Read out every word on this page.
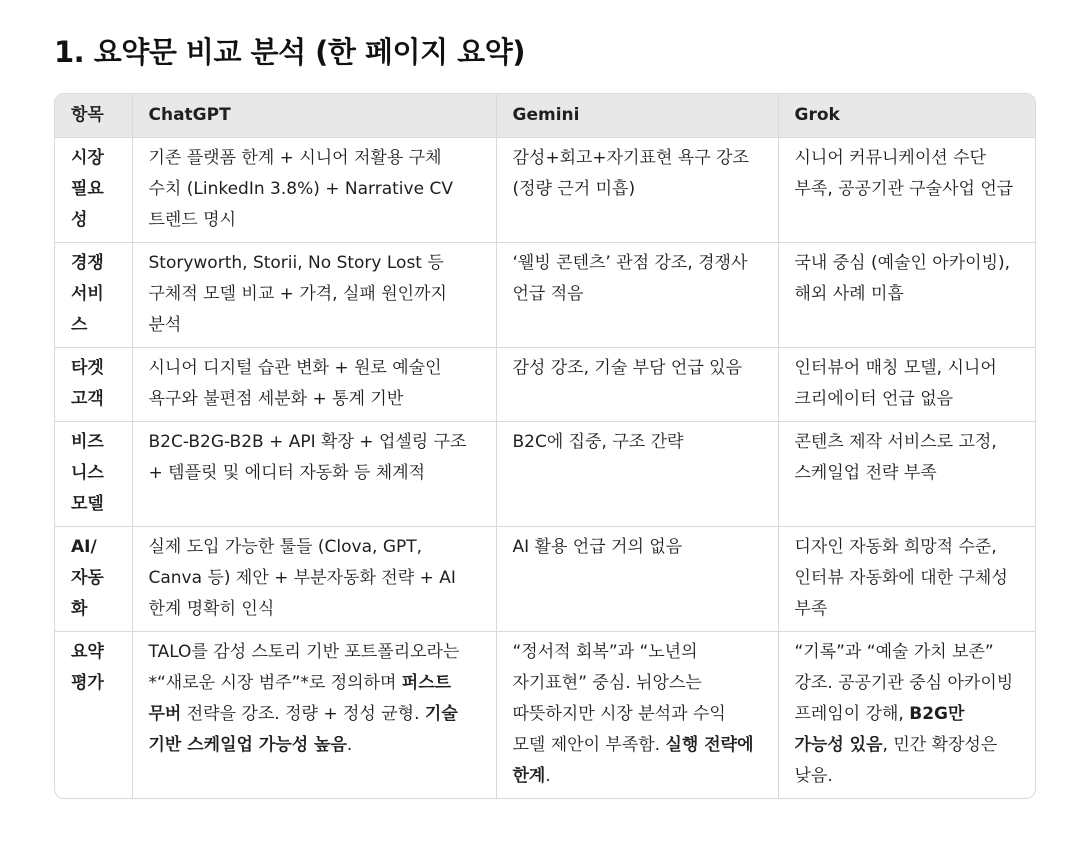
1. 요약문 비교 분석 (한 페이지 요약)
항목	ChatGPT	Gemini	Grok
시장 필요성	기존 플랫폼 한계 + 시니어 저활용 구체 수치 (LinkedIn 3.8%) + Narrative CV 트렌드 명시	감성+회고+자기표현 욕구 강조 (정량 근거 미흡)	시니어 커뮤니케이션 수단 부족, 공공기관 구술사업 언급
경쟁 서비스	Storyworth, Storii, No Story Lost 등 구체적 모델 비교 + 가격, 실패 원인까지 분석	‘웰빙 콘텐츠’ 관점 강조, 경쟁사 언급 적음	국내 중심 (예술인 아카이빙), 해외 사례 미흡
타겟 고객	시니어 디지털 습관 변화 + 원로 예술인 욕구와 불편점 세분화 + 통계 기반	감성 강조, 기술 부담 언급 있음	인터뷰어 매칭 모델, 시니어 크리에이터 언급 없음
비즈니스 모델	B2C-B2G-B2B + API 확장 + 업셀링 구조 + 템플릿 및 에디터 자동화 등 체계적	B2C에 집중, 구조 간략	콘텐츠 제작 서비스로 고정, 스케일업 전략 부족
AI/ 자동화	실제 도입 가능한 툴들 (Clova, GPT, Canva 등) 제안 + 부분자동화 전략 + AI 한계 명확히 인식	AI 활용 언급 거의 없음	디자인 자동화 희망적 수준, 인터뷰 자동화에 대한 구체성 부족
요약 평가	TALO를 감성 스토리 기반 포트폴리오라는 *“새로운 시장 범주”*로 정의하며 퍼스트 무버 전략을 강조. 정량 + 정성 균형. 기술 기반 스케일업 가능성 높음.	“정서적 회복”과 “노년의 자기표현” 중심. 뉘앙스는 따뜻하지만 시장 분석과 수익 모델 제안이 부족함. 실행 전략에 한계.	“기록”과 “예술 가치 보존” 강조. 공공기관 중심 아카이빙 프레임이 강해, B2G만 가능성 있음, 민간 확장성은 낮음.
